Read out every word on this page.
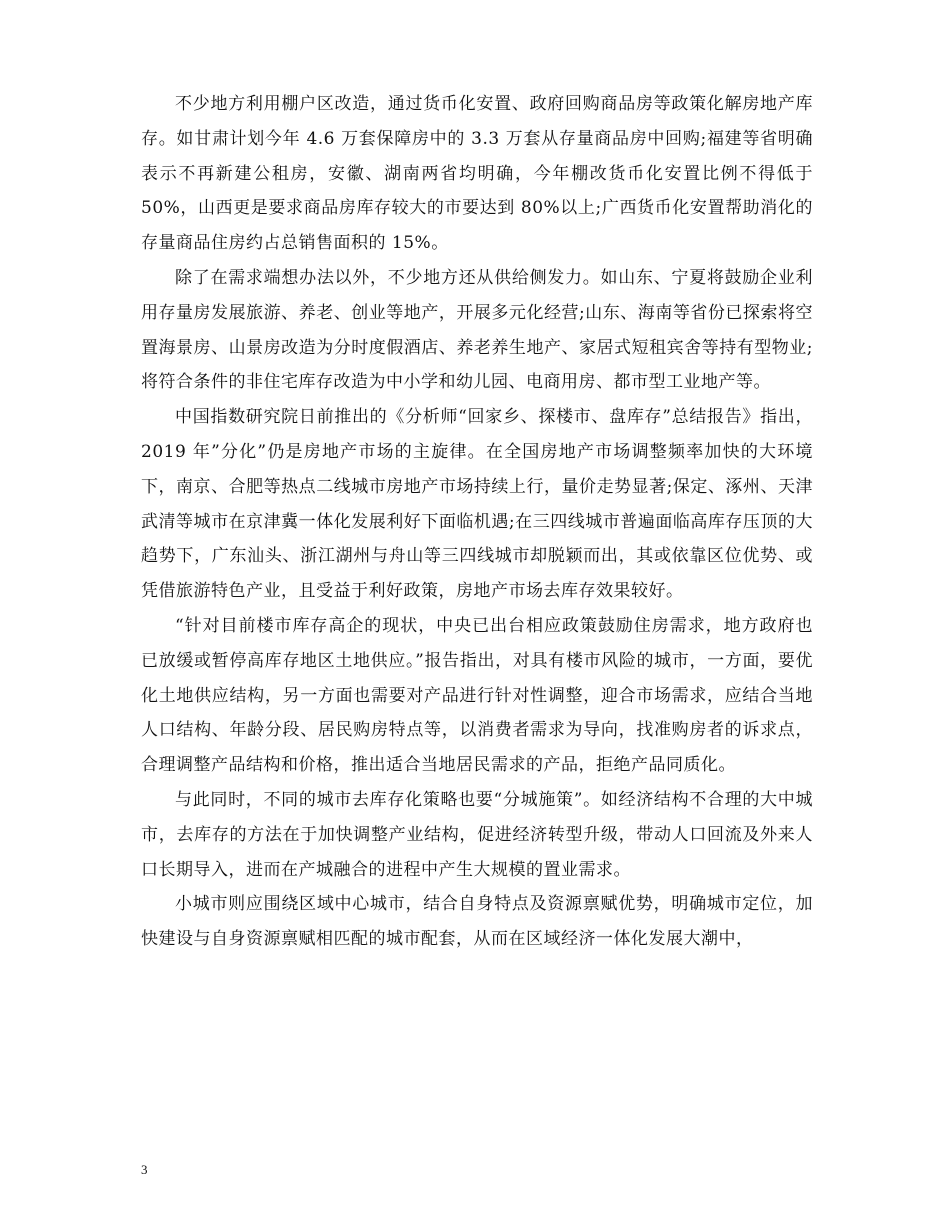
不少地方利用棚户区改造，通过货币化安置、政府回购商品房等政策化解房地产库存。如甘肃计划今年 4.6 万套保障房中的 3.3 万套从存量商品房中回购;福建等省明确表示不再新建公租房，安徽、湖南两省均明确，今年棚改货币化安置比例不得低于 50%，山西更是要求商品房库存较大的市要达到 80%以上;广西货币化安置帮助消化的存量商品住房约占总销售面积的 15%。

除了在需求端想办法以外，不少地方还从供给侧发力。如山东、宁夏将鼓励企业利用存量房发展旅游、养老、创业等地产，开展多元化经营;山东、海南等省份已探索将空置海景房、山景房改造为分时度假酒店、养老养生地产、家居式短租宾舍等持有型物业;将符合条件的非住宅库存改造为中小学和幼儿园、电商用房、都市型工业地产等。

中国指数研究院日前推出的《分析师“回家乡、探楼市、盘库存”总结报告》指出，2019 年”分化”仍是房地产市场的主旋律。在全国房地产市场调整频率加快的大环境下，南京、合肥等热点二线城市房地产市场持续上行，量价走势显著;保定、涿州、天津武清等城市在京津冀一体化发展利好下面临机遇;在三四线城市普遍面临高库存压顶的大趋势下，广东汕头、浙江湖州与舟山等三四线城市却脱颖而出，其或依靠区位优势、或凭借旅游特色产业，且受益于利好政策，房地产市场去库存效果较好。

“针对目前楼市库存高企的现状，中央已出台相应政策鼓励住房需求，地方政府也已放缓或暂停高库存地区土地供应。”报告指出，对具有楼市风险的城市，一方面，要优化土地供应结构，另一方面也需要对产品进行针对性调整，迎合市场需求，应结合当地人口结构、年龄分段、居民购房特点等，以消费者需求为导向，找准购房者的诉求点，合理调整产品结构和价格，推出适合当地居民需求的产品，拒绝产品同质化。

与此同时，不同的城市去库存化策略也要“分城施策”。如经济结构不合理的大中城市，去库存的方法在于加快调整产业结构，促进经济转型升级，带动人口回流及外来人口长期导入，进而在产城融合的进程中产生大规模的置业需求。

小城市则应围绕区域中心城市，结合自身特点及资源禀赋优势，明确城市定位，加快建设与自身资源禀赋相匹配的城市配套，从而在区域经济一体化发展大潮中，

3
